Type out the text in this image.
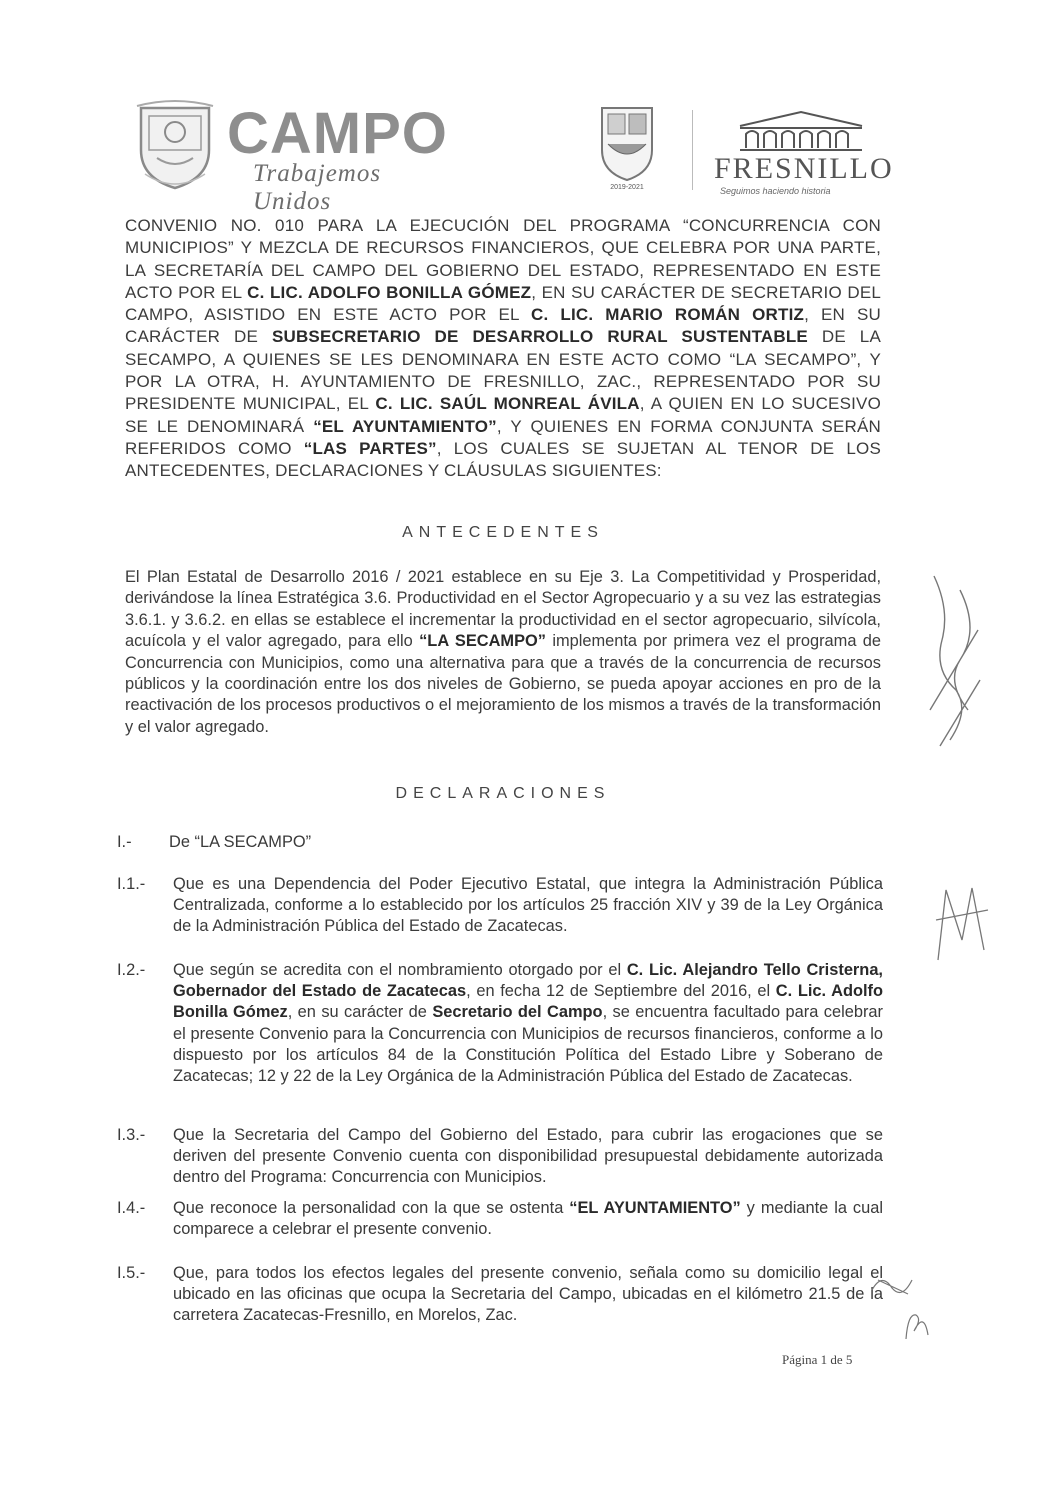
CAMPO
Trabajemos Unidos
2019-2021
FRESNILLO
Seguimos haciendo historia
CONVENIO NO. 010 PARA LA EJECUCIÓN DEL PROGRAMA “CONCURRENCIA CON MUNICIPIOS” Y MEZCLA DE RECURSOS FINANCIEROS, QUE CELEBRA POR UNA PARTE, LA SECRETARÍA DEL CAMPO DEL GOBIERNO DEL ESTADO, REPRESENTADO EN ESTE ACTO POR EL C. LIC. ADOLFO BONILLA GÓMEZ, EN SU CARÁCTER DE SECRETARIO DEL CAMPO, ASISTIDO EN ESTE ACTO POR EL C. LIC. MARIO ROMÁN ORTIZ, EN SU CARÁCTER DE SUBSECRETARIO DE DESARROLLO RURAL SUSTENTABLE DE LA SECAMPO, A QUIENES SE LES DENOMINARA EN ESTE ACTO COMO “LA SECAMPO”, Y POR LA OTRA, H. AYUNTAMIENTO DE FRESNILLO, ZAC., REPRESENTADO POR SU PRESIDENTE MUNICIPAL, EL C. LIC. SAÚL MONREAL ÁVILA, A QUIEN EN LO SUCESIVO SE LE DENOMINARÁ “EL AYUNTAMIENTO”, Y QUIENES EN FORMA CONJUNTA SERÁN REFERIDOS COMO “LAS PARTES”, LOS CUALES SE SUJETAN AL TENOR DE LOS ANTECEDENTES, DECLARACIONES Y CLÁUSULAS SIGUIENTES:
ANTECEDENTES
El Plan Estatal de Desarrollo 2016 / 2021 establece en su Eje 3. La Competitividad y Prosperidad, derivándose la línea Estratégica 3.6. Productividad en el Sector Agropecuario y a su vez las estrategias 3.6.1. y 3.6.2. en ellas se establece el incrementar la productividad en el sector agropecuario, silvícola, acuícola y el valor agregado, para ello “LA SECAMPO” implementa por primera vez el programa de Concurrencia con Municipios, como una alternativa para que a través de la concurrencia de recursos públicos y la coordinación entre los dos niveles de Gobierno, se pueda apoyar acciones en pro de la reactivación de los procesos productivos o el mejoramiento de los mismos a través de la transformación y el valor agregado.
DECLARACIONES
I.- De “LA SECAMPO”
I.1.-	Que es una Dependencia del Poder Ejecutivo Estatal, que integra la Administración Pública Centralizada, conforme a lo establecido por los artículos 25 fracción XIV y 39 de la Ley Orgánica de la Administración Pública del Estado de Zacatecas.
I.2.-	Que según se acredita con el nombramiento otorgado por el C. Lic. Alejandro Tello Cristerna, Gobernador del Estado de Zacatecas, en fecha 12 de Septiembre del 2016, el C. Lic. Adolfo Bonilla Gómez, en su carácter de Secretario del Campo, se encuentra facultado para celebrar el presente Convenio para la Concurrencia con Municipios de recursos financieros, conforme a lo dispuesto por los artículos 84 de la Constitución Política del Estado Libre y Soberano de Zacatecas; 12 y 22 de la Ley Orgánica de la Administración Pública del Estado de Zacatecas.
I.3.-	Que la Secretaria del Campo del Gobierno del Estado, para cubrir las erogaciones que se deriven del presente Convenio cuenta con disponibilidad presupuestal debidamente autorizada dentro del Programa: Concurrencia con Municipios.
I.4.-	Que reconoce la personalidad con la que se ostenta “EL AYUNTAMIENTO” y mediante la cual comparece a celebrar el presente convenio.
I.5.-	Que, para todos los efectos legales del presente convenio, señala como su domicilio legal el ubicado en las oficinas que ocupa la Secretaria del Campo, ubicadas en el kilómetro 21.5 de la carretera Zacatecas-Fresnillo, en Morelos, Zac.
Página 1 de 5
